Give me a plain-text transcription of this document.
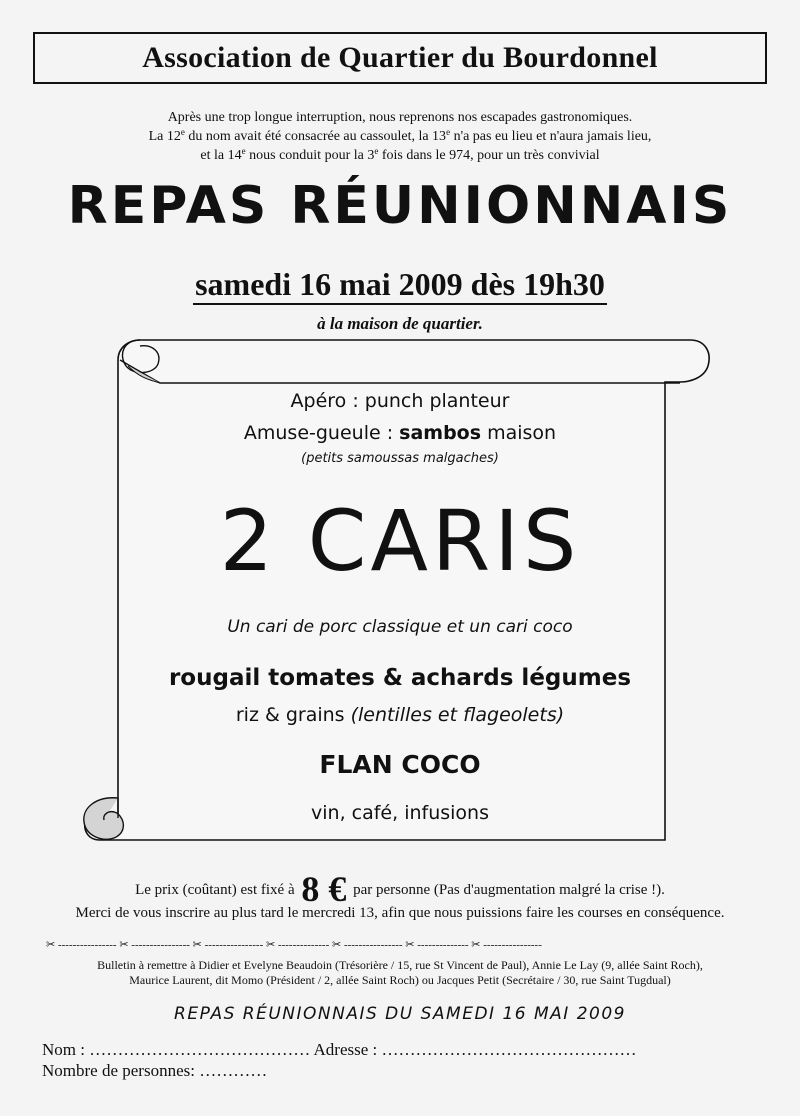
Association de Quartier du Bourdonnel
Après une trop longue interruption, nous reprenons nos escapades gastronomiques.
La 12e du nom avait été consacrée au cassoulet, la 13e n'a pas eu lieu et n'aura jamais lieu,
et la 14e nous conduit pour la 3e fois dans le 974, pour un très convivial
REPAS RÉUNIONNAIS
samedi 16 mai 2009 dès 19h30
à la maison de quartier.
Apéro : punch planteur
Amuse-gueule : sambos maison
(petits samoussas malgaches)
2 CARIS
Un cari de porc classique et un cari coco
rougail tomates & achards légumes
riz & grains (lentilles et flageolets)
FLAN COCO
vin, café, infusions
Le prix (coûtant) est fixé à 8 € par personne (Pas d'augmentation malgré la crise !).
Merci de vous inscrire au plus tard le mercredi 13, afin que nous puissions faire les courses en conséquence.
✂ ---------------- ✂ ---------------- ✂ ---------------- ✂ -------------- ✂ ---------------- ✂ -------------- ✂ ----------------
Bulletin à remettre à Didier et Evelyne Beaudoin (Trésorière / 15, rue St Vincent de Paul), Annie Le Lay (9, allée Saint Roch),
Maurice Laurent, dit Momo (Président / 2, allée Saint Roch) ou Jacques Petit (Secrétaire / 30, rue Saint Tugdual)
REPAS RÉUNIONNAIS DU SAMEDI 16 MAI 2009
Nom : ………………………………… Adresse : ………………………………………
Nombre de personnes: …………
